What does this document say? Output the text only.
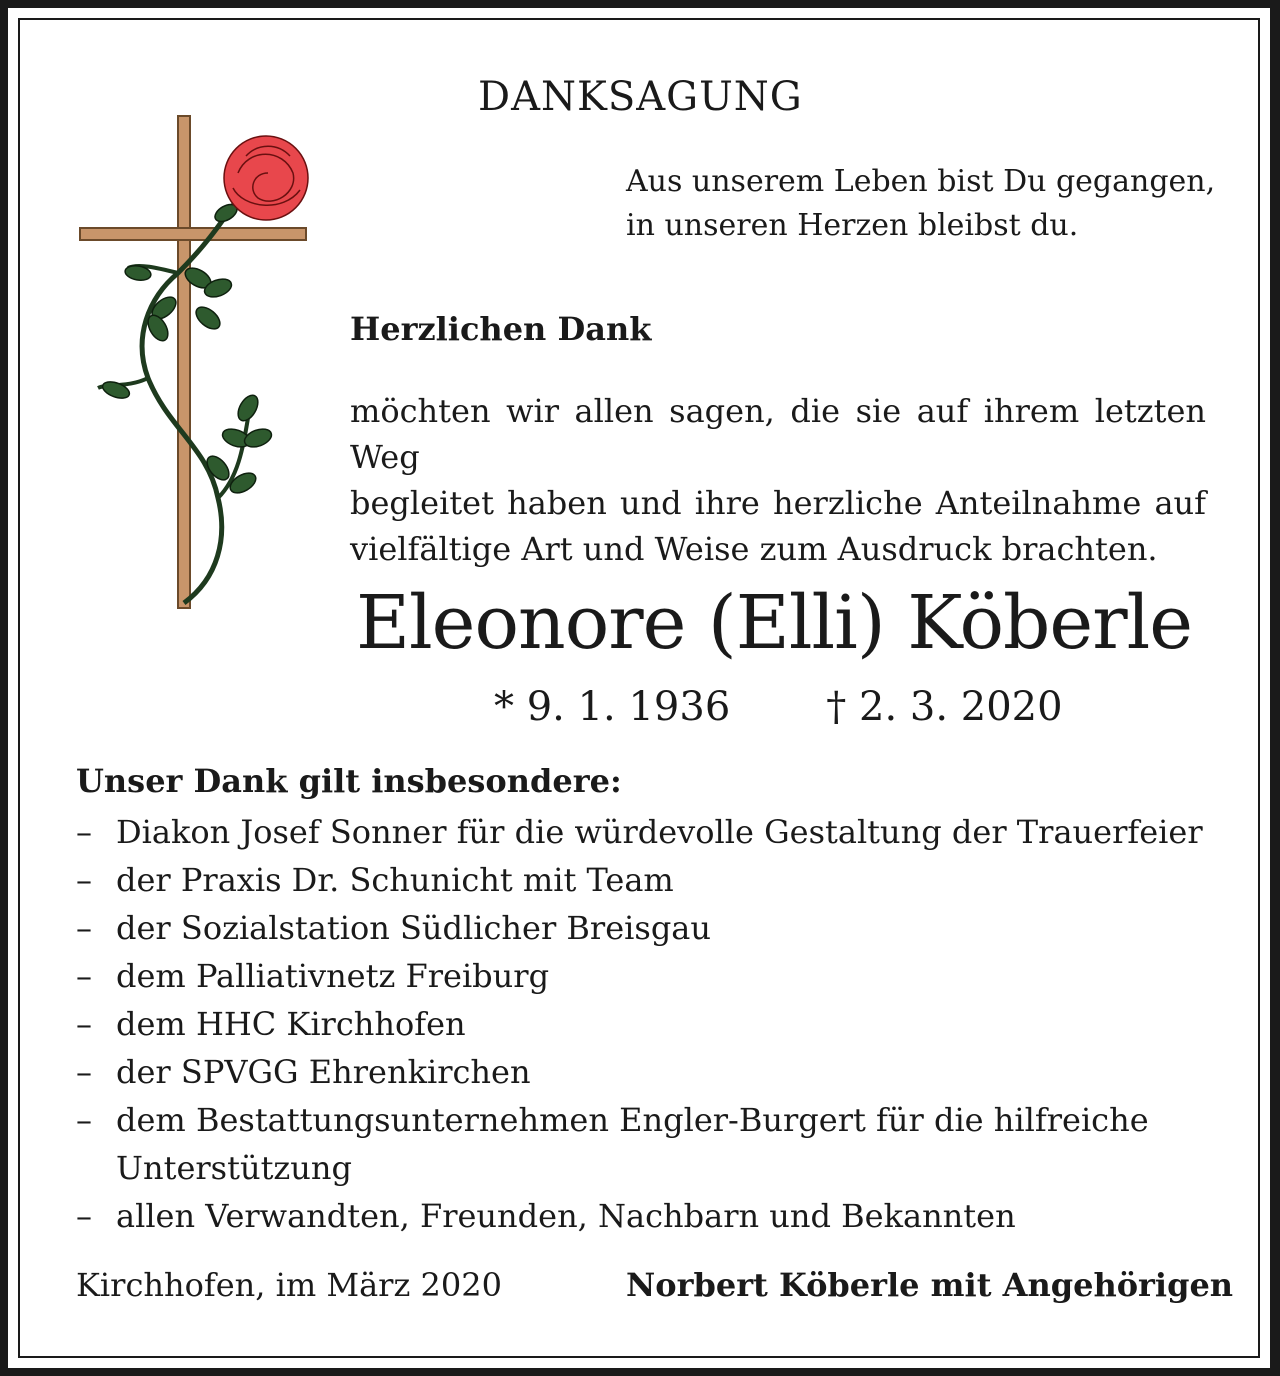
DANKSAGUNG
Aus unserem Leben bist Du gegangen,
in unseren Herzen bleibst du.
Herzlichen Dank
möchten wir allen sagen, die sie auf ihrem letzten Weg
begleitet haben und ihre herzliche Anteilnahme auf
vielfältige Art und Weise zum Ausdruck brachten.
Eleonore (Elli) Köberle
* 9. 1. 1936 † 2. 3. 2020
Unser Dank gilt insbesondere:
– Diakon Josef Sonner für die würdevolle Gestaltung der Trauerfeier
– der Praxis Dr. Schunicht mit Team
– der Sozialstation Südlicher Breisgau
– dem Palliativnetz Freiburg
– dem HHC Kirchhofen
– der SPVGG Ehrenkirchen
– dem Bestattungsunternehmen Engler-Burgert für die hilfreiche
Unterstützung
– allen Verwandten, Freunden, Nachbarn und Bekannten
Kirchhofen, im März 2020	Norbert Köberle mit Angehörigen
